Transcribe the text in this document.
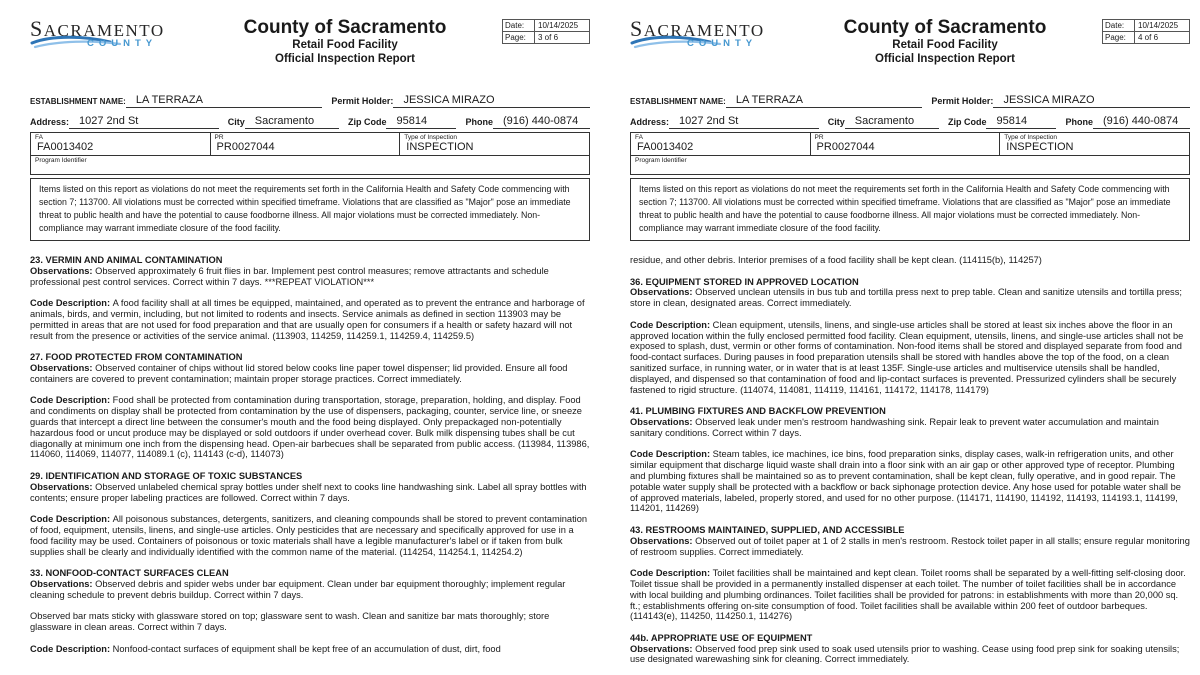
SACRAMENTO
COUNTY
County of Sacramento
Retail Food Facility
Official Inspection Report
Date:	10/14/2025
Page:	3 of 6
ESTABLISHMENT NAME: LA TERRAZA	Permit Holder: JESSICA MIRAZO
Address: 1027 2nd St	City Sacramento	Zip Code 95814	Phone (916) 440-0874
FA
FA0013402
PR
PR0027044
Type of Inspection
INSPECTION
Program Identifier
Items listed on this report as violations do not meet the requirements set forth in the California Health and Safety Code commencing with section 7; 113700. All violations must be corrected within specified timeframe. Violations that are classified as "Major" pose an immediate threat to public health and have the potential to cause foodborne illness. All major violations must be corrected immediately. Non-compliance may warrant immediate closure of the food facility.
23. VERMIN AND ANIMAL CONTAMINATION

Observations: Observed approximately 6 fruit flies in bar. Implement pest control measures; remove attractants and schedule professional pest control services. Correct within 7 days. ***REPEAT VIOLATION***

Code Description: A food facility shall at all times be equipped, maintained, and operated as to prevent the entrance and harborage of animals, birds, and vermin, including, but not limited to rodents and insects. Service animals as defined in section 113903 may be permitted in areas that are not used for food preparation and that are usually open for consumers if a health or safety hazard will not result from the presence or activities of the service animal. (113903, 114259, 114259.1, 114259.4, 114259.5)

27. FOOD PROTECTED FROM CONTAMINATION

Observations: Observed container of chips without lid stored below cooks line paper towel dispenser; lid provided. Ensure all food containers are covered to prevent contamination; maintain proper storage practices. Correct immediately.

Code Description: Food shall be protected from contamination during transportation, storage, preparation, holding, and display. Food and condiments on display shall be protected from contamination by the use of dispensers, packaging, counter, service line, or sneeze guards that intercept a direct line between the consumer's mouth and the food being displayed. Only prepackaged non-potentially hazardous food or uncut produce may be displayed or sold outdoors if under overhead cover. Bulk milk dispensing tubes shall be cut diagonally at minimum one inch from the dispensing head. Open-air barbecues shall be separated from public access. (113984, 113986, 114060, 114069, 114077, 114089.1 (c), 114143 (c-d), 114073)

29. IDENTIFICATION AND STORAGE OF TOXIC SUBSTANCES

Observations: Observed unlabeled chemical spray bottles under shelf next to cooks line handwashing sink. Label all spray bottles with contents; ensure proper labeling practices are followed. Correct within 7 days.

Code Description: All poisonous substances, detergents, sanitizers, and cleaning compounds shall be stored to prevent contamination of food, equipment, utensils, linens, and single-use articles. Only pesticides that are necessary and specifically approved for use in a food facility may be used. Containers of poisonous or toxic materials shall have a legible manufacturer's label or if taken from bulk supplies shall be clearly and individually identified with the common name of the material. (114254, 114254.1, 114254.2)

33. NONFOOD-CONTACT SURFACES CLEAN

Observations: Observed debris and spider webs under bar equipment. Clean under bar equipment thoroughly; implement regular cleaning schedule to prevent debris buildup. Correct within 7 days.

Observed bar mats sticky with glassware stored on top; glassware sent to wash. Clean and sanitize bar mats thoroughly; store glassware in clean areas. Correct within 7 days.

Code Description: Nonfood-contact surfaces of equipment shall be kept free of an accumulation of dust, dirt, food

SACRAMENTO
COUNTY
County of Sacramento
Retail Food Facility
Official Inspection Report
Date:	10/14/2025
Page:	4 of 6
ESTABLISHMENT NAME: LA TERRAZA	Permit Holder: JESSICA MIRAZO
Address: 1027 2nd St	City Sacramento	Zip Code 95814	Phone (916) 440-0874
FA
FA0013402
PR
PR0027044
Type of Inspection
INSPECTION
Program Identifier
Items listed on this report as violations do not meet the requirements set forth in the California Health and Safety Code commencing with section 7; 113700. All violations must be corrected within specified timeframe. Violations that are classified as "Major" pose an immediate threat to public health and have the potential to cause foodborne illness. All major violations must be corrected immediately. Non-compliance may warrant immediate closure of the food facility.

residue, and other debris. Interior premises of a food facility shall be kept clean. (114115(b), 114257)

36. EQUIPMENT STORED IN APPROVED LOCATION

Observations: Observed unclean utensils in bus tub and tortilla press next to prep table. Clean and sanitize utensils and tortilla press; store in clean, designated areas. Correct immediately.

Code Description: Clean equipment, utensils, linens, and single-use articles shall be stored at least six inches above the floor in an approved location within the fully enclosed permitted food facility. Clean equipment, utensils, linens, and single-use articles shall not be exposed to splash, dust, vermin or other forms of contamination. Non-food items shall be stored and displayed separate from food and food-contact surfaces. During pauses in food preparation utensils shall be stored with handles above the top of the food, on a clean sanitized surface, in running water, or in water that is at least 135F. Single-use articles and multiservice utensils shall be handled, displayed, and dispensed so that contamination of food and lip-contact surfaces is prevented. Pressurized cylinders shall be securely fastened to rigid structure. (114074, 114081, 114119, 114161, 114172, 114178, 114179)

41. PLUMBING FIXTURES AND BACKFLOW PREVENTION

Observations: Observed leak under men's restroom handwashing sink. Repair leak to prevent water accumulation and maintain sanitary conditions. Correct within 7 days.

Code Description: Steam tables, ice machines, ice bins, food preparation sinks, display cases, walk-in refrigeration units, and other similar equipment that discharge liquid waste shall drain into a floor sink with an air gap or other approved type of receptor. Plumbing and plumbing fixtures shall be maintained so as to prevent contamination, shall be kept clean, fully operative, and in good repair. The potable water supply shall be protected with a backflow or back siphonage protection device. Any hose used for potable water shall be of approved materials, labeled, properly stored, and used for no other purpose. (114171, 114190, 114192, 114193, 114193.1, 114199, 114201, 114269)

43. RESTROOMS MAINTAINED, SUPPLIED, AND ACCESSIBLE

Observations: Observed out of toilet paper at 1 of 2 stalls in men's restroom. Restock toilet paper in all stalls; ensure regular monitoring of restroom supplies. Correct immediately.

Code Description: Toilet facilities shall be maintained and kept clean. Toilet rooms shall be separated by a well-fitting self-closing door. Toilet tissue shall be provided in a permanently installed dispenser at each toilet. The number of toilet facilities shall be in accordance with local building and plumbing ordinances. Toilet facilities shall be provided for patrons: in establishments with more than 20,000 sq. ft.; establishments offering on-site consumption of food. Toilet facilities shall be available within 200 feet of outdoor barbeques. (114143(e), 114250, 114250.1, 114276)

44b. APPROPRIATE USE OF EQUIPMENT

Observations: Observed food prep sink used to soak used utensils prior to washing. Cease using food prep sink for soaking utensils; use designated warewashing sink for cleaning. Correct immediately.
